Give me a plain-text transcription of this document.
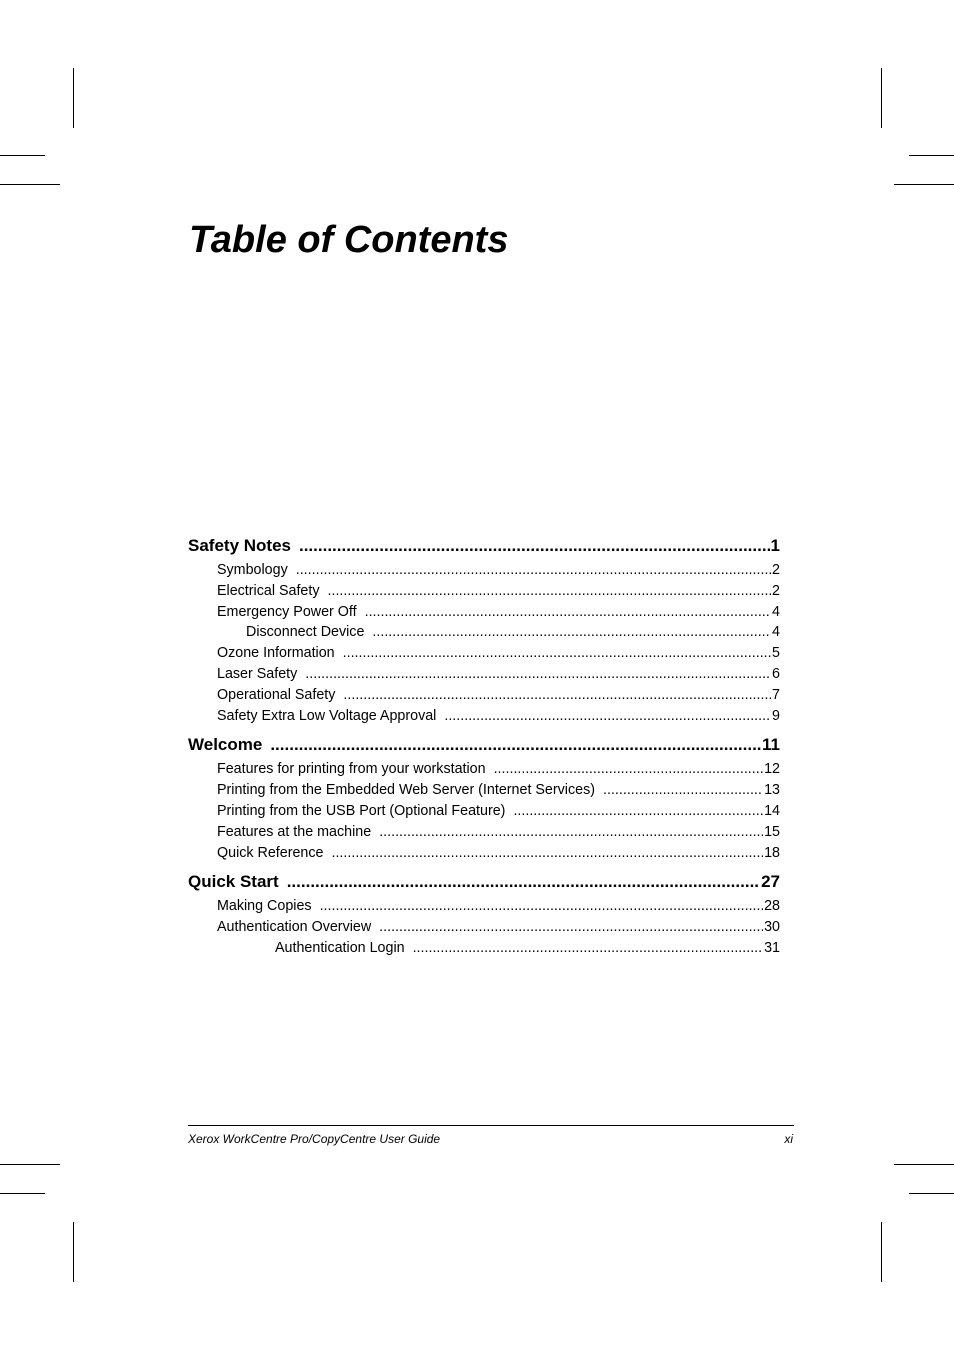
Table of Contents
Safety Notes .....	1
Symbology .....	2
Electrical Safety .....	2
Emergency Power Off .....	4
Disconnect Device .....	4
Ozone Information .....	5
Laser Safety .....	6
Operational Safety .....	7
Safety Extra Low Voltage Approval .....	9
Welcome .....	11
Features for printing from your workstation .....	12
Printing from the Embedded Web Server (Internet Services) .....	13
Printing from the USB Port (Optional Feature) .....	14
Features at the machine .....	15
Quick Reference .....	18
Quick Start .....	27
Making Copies .....	28
Authentication Overview .....	30
Authentication Login .....	31
Xerox WorkCentre Pro/CopyCentre User Guide	xi
